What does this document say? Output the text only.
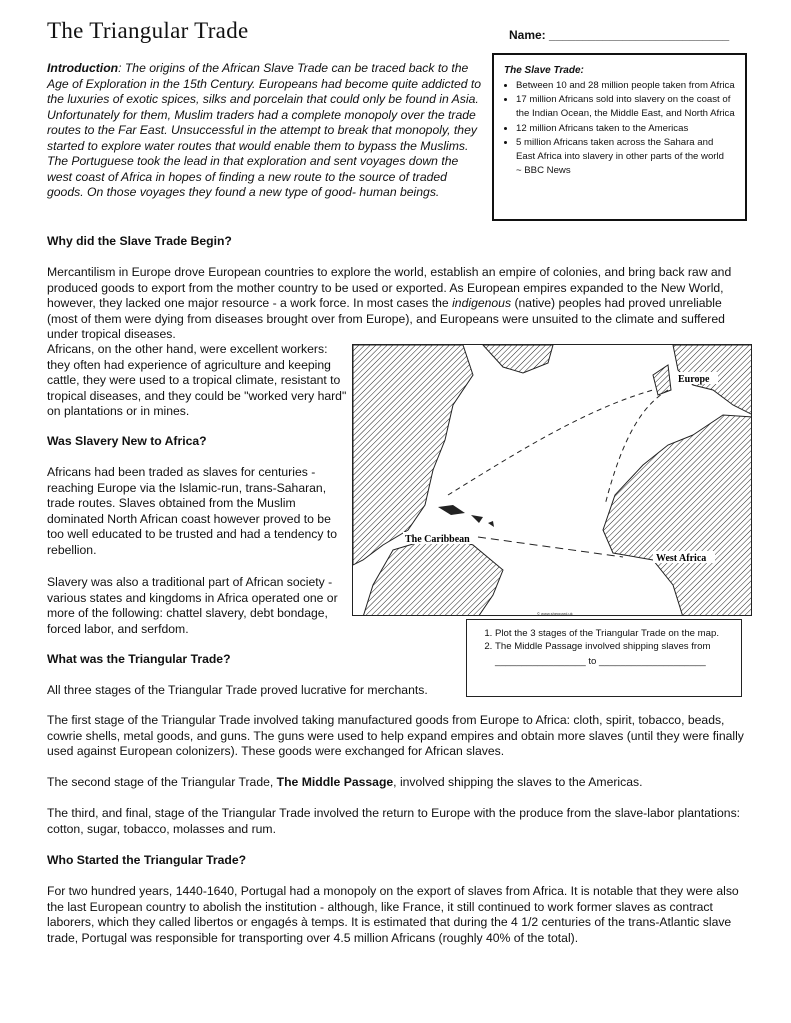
The Triangular Trade	Name: ___________________________
Introduction: The origins of the African Slave Trade can be traced back to the Age of Exploration in the 15th Century. Europeans had become quite addicted to the luxuries of exotic spices, silks and porcelain that could only be found in Asia. Unfortunately for them, Muslim traders had a complete monopoly over the trade routes to the Far East. Unsuccessful in the attempt to break that monopoly, they started to explore water routes that would enable them to bypass the Muslims. The Portuguese took the lead in that exploration and sent voyages down the west coast of Africa in hopes of finding a new route to the source of traded goods. On those voyages they found a new type of good- human beings.
The Slave Trade:
• Between 10 and 28 million people taken from Africa
• 17 million Africans sold into slavery on the coast of the Indian Ocean, the Middle East, and North Africa
• 12 million Africans taken to the Americas
• 5 million Africans taken across the Sahara and East Africa into slavery in other parts of the world
~ BBC News
Why did the Slave Trade Begin?
Mercantilism in Europe drove European countries to explore the world, establish an empire of colonies, and bring back raw and produced goods to export from the mother country to be used or exported. As European empires expanded to the New World, however, they lacked one major resource - a work force. In most cases the indigenous (native) peoples had proved unreliable (most of them were dying from diseases brought over from Europe), and Europeans were unsuited to the climate and suffered under tropical diseases.
Africans, on the other hand, were excellent workers: they often had experience of agriculture and keeping cattle, they were used to a tropical climate, resistant to tropical diseases, and they could be "worked very hard" on plantations or in mines.
Was Slavery New to Africa?
Africans had been traded as slaves for centuries - reaching Europe via the Islamic-run, trans-Saharan, trade routes. Slaves obtained from the Muslim dominated North African coast however proved to be too well educated to be trusted and had a tendency to rebellion.
Slavery was also a traditional part of African society - various states and kingdoms in Africa operated one or more of the following: chattel slavery, debt bondage, forced labor, and serfdom.
What was the Triangular Trade?
All three stages of the Triangular Trade proved lucrative for merchants.
The first stage of the Triangular Trade involved taking manufactured goods from Europe to Africa: cloth, spirit, tobacco, beads, cowrie shells, metal goods, and guns. The guns were used to help expand empires and obtain more slaves (until they were finally used against European colonizers). These goods were exchanged for African slaves.
The second stage of the Triangular Trade, The Middle Passage, involved shipping the slaves to the Americas.
The third, and final, stage of the Triangular Trade involved the return to Europe with the produce from the slave-labor plantations: cotton, sugar, tobacco, molasses and rum.
Who Started the Triangular Trade?
For two hundred years, 1440-1640, Portugal had a monopoly on the export of slaves from Africa. It is notable that they were also the last European country to abolish the institution - although, like France, it still continued to work former slaves as contract laborers, which they called libertos or engagés à temps. It is estimated that during the 4 1/2 centuries of the trans-Atlantic slave trade, Portugal was responsible for transporting over 4.5 million Africans (roughly 40% of the total).
Europe
The Caribbean
West Africa
© www.sheppard.uk
1. Plot the 3 stages of the Triangular Trade on the map.
2. The Middle Passage involved shipping slaves from
_________________ to ____________________
